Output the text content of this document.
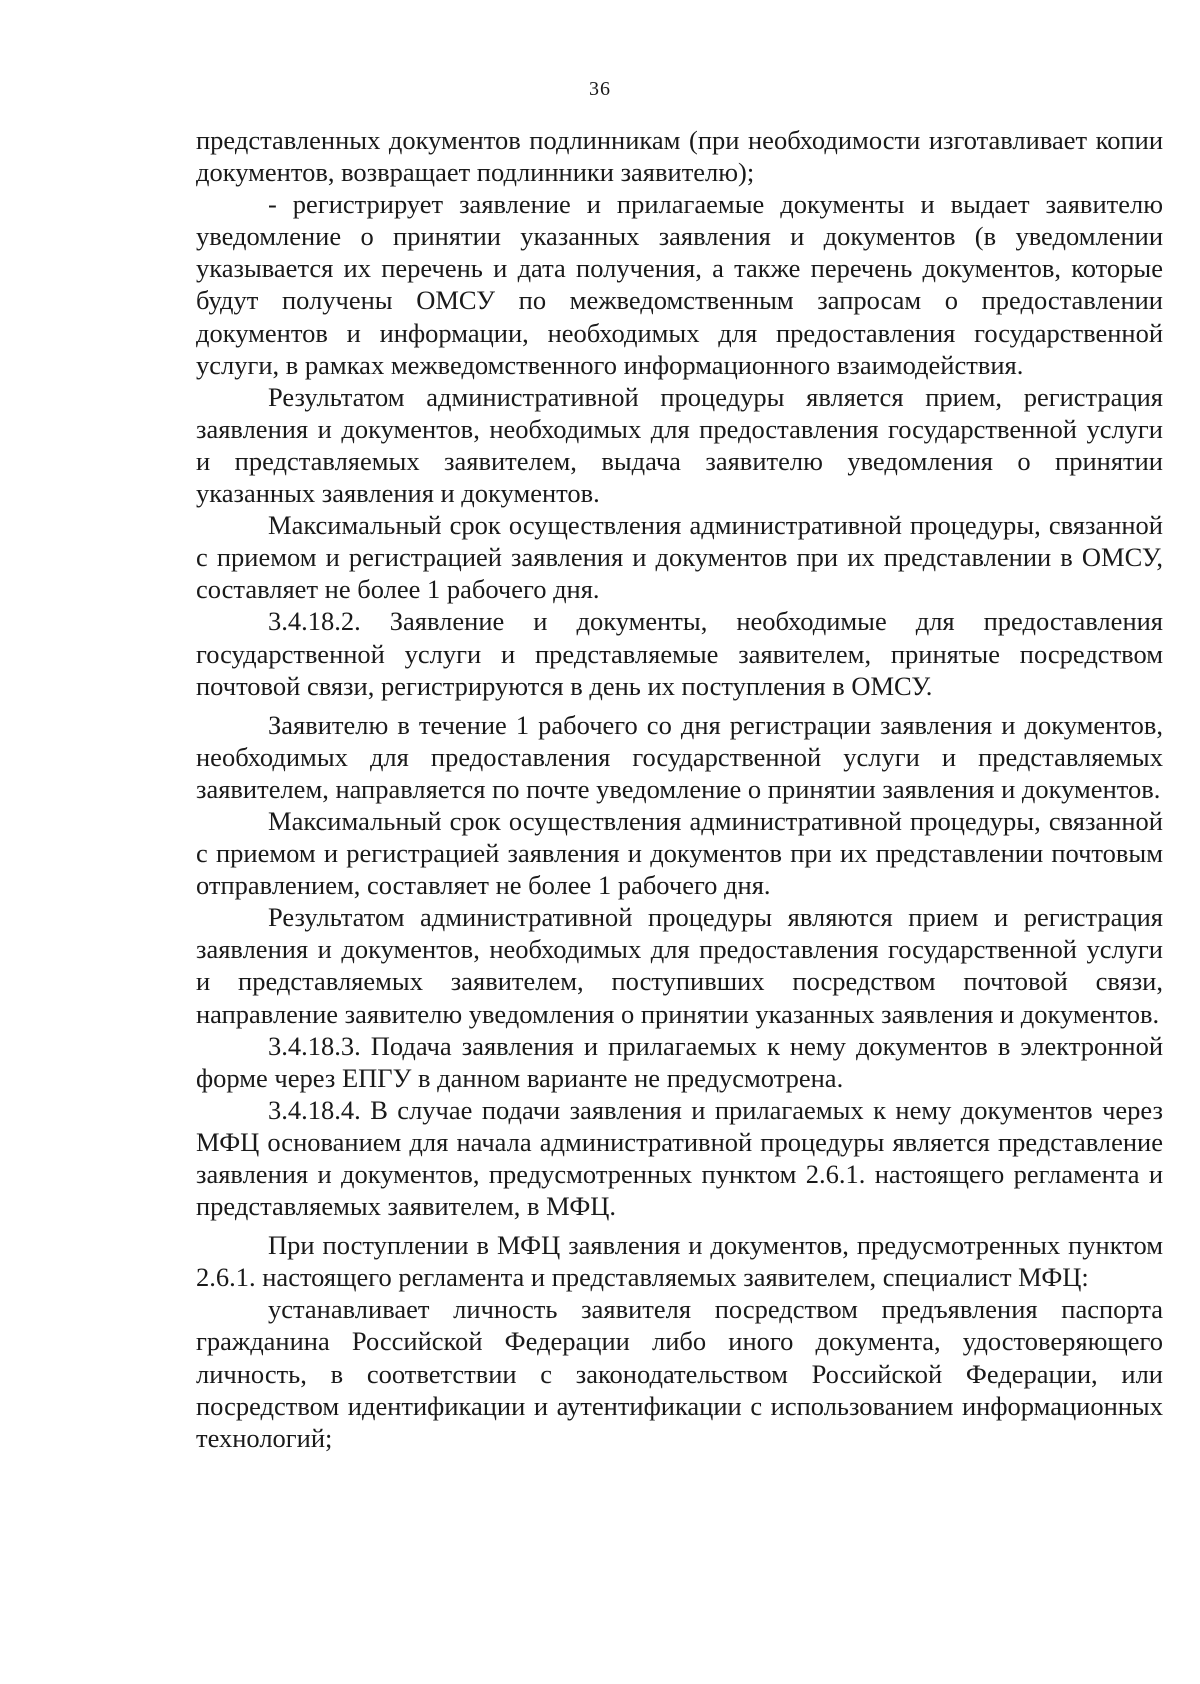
36

представленных документов подлинникам (при необходимости изготавливает копии документов, возвращает подлинники заявителю);

- регистрирует заявление и прилагаемые документы и выдает заявителю уведомление о принятии указанных заявления и документов (в уведомлении указывается их перечень и дата получения, а также перечень документов, которые будут получены ОМСУ по межведомственным запросам о предоставлении документов и информации, необходимых для предоставления государственной услуги, в рамках межведомственного информационного взаимодействия.

Результатом административной процедуры является прием, регистрация заявления и документов, необходимых для предоставления государственной услуги и представляемых заявителем, выдача заявителю уведомления о принятии указанных заявления и документов.

Максимальный срок осуществления административной процедуры, связанной с приемом и регистрацией заявления и документов при их представлении в ОМСУ, составляет не более 1 рабочего дня.

3.4.18.2. Заявление и документы, необходимые для предоставления государственной услуги и представляемые заявителем, принятые посредством почтовой связи, регистрируются в день их поступления в ОМСУ.

Заявителю в течение 1 рабочего со дня регистрации заявления и документов, необходимых для предоставления государственной услуги и представляемых заявителем, направляется по почте уведомление о принятии заявления и документов.

Максимальный срок осуществления административной процедуры, связанной с приемом и регистрацией заявления и документов при их представлении почтовым отправлением, составляет не более 1 рабочего дня.

Результатом административной процедуры являются прием и регистрация заявления и документов, необходимых для предоставления государственной услуги и представляемых заявителем, поступивших посредством почтовой связи, направление заявителю уведомления о принятии указанных заявления и документов.

3.4.18.3. Подача заявления и прилагаемых к нему документов в электронной форме через ЕПГУ в данном варианте не предусмотрена.

3.4.18.4. В случае подачи заявления и прилагаемых к нему документов через МФЦ основанием для начала административной процедуры является представление заявления и документов, предусмотренных пунктом 2.6.1. настоящего регламента и представляемых заявителем, в МФЦ.

При поступлении в МФЦ заявления и документов, предусмотренных пунктом 2.6.1. настоящего регламента и представляемых заявителем, специалист МФЦ:

устанавливает личность заявителя посредством предъявления паспорта гражданина Российской Федерации либо иного документа, удостоверяющего личность, в соответствии с законодательством Российской Федерации, или посредством идентификации и аутентификации с использованием информационных технологий;
